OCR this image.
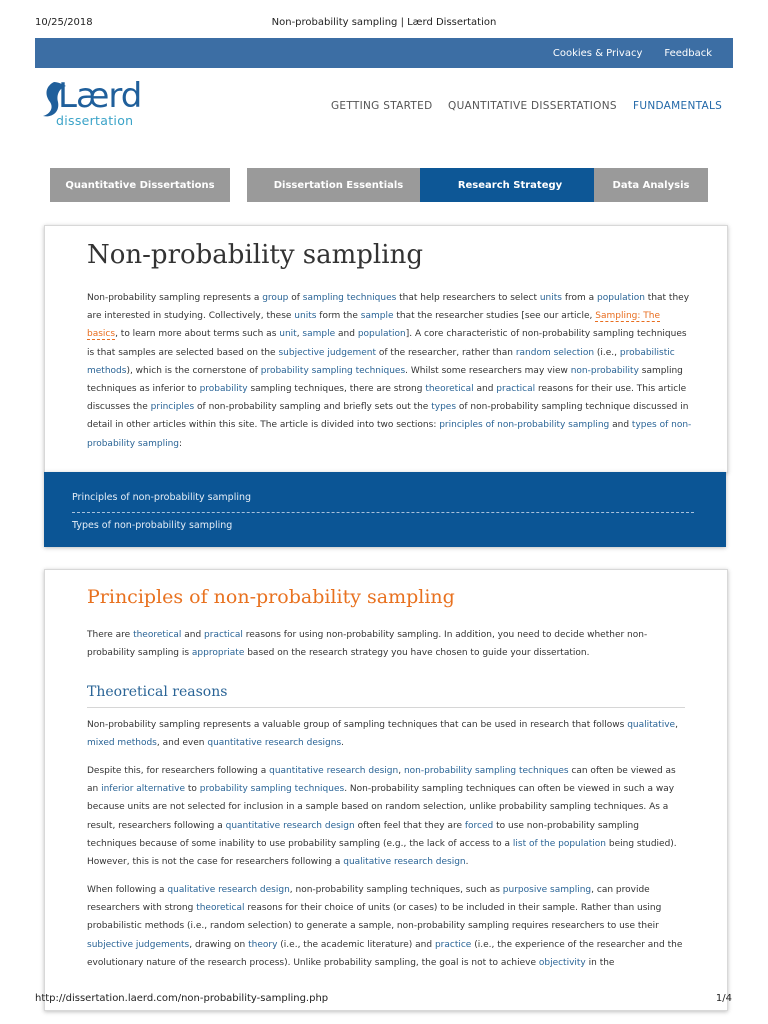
10/25/2018	Non-probability sampling | Lærd Dissertation
Cookies & Privacy Feedback
Lærd
dissertation
GETTING STARTED QUANTITATIVE DISSERTATIONS FUNDAMENTALS
Quantitative Dissertations	Dissertation Essentials	Research Strategy	Data Analysis
Non-probability sampling
Non-probability sampling represents a group of sampling techniques that help researchers to select units from a population that they are interested in studying. Collectively, these units form the sample that the researcher studies [see our article, Sampling: The basics, to learn more about terms such as unit, sample and population]. A core characteristic of non-probability sampling techniques is that samples are selected based on the subjective judgement of the researcher, rather than random selection (i.e., probabilistic methods), which is the cornerstone of probability sampling techniques. Whilst some researchers may view non-probability sampling techniques as inferior to probability sampling techniques, there are strong theoretical and practical reasons for their use. This article discusses the principles of non-probability sampling and briefly sets out the types of non-probability sampling technique discussed in detail in other articles within this site. The article is divided into two sections: principles of non-probability sampling and types of non-probability sampling:
Principles of non-probability sampling
Types of non-probability sampling
Principles of non-probability sampling
There are theoretical and practical reasons for using non-probability sampling. In addition, you need to decide whether non-probability sampling is appropriate based on the research strategy you have chosen to guide your dissertation.
Theoretical reasons
Non-probability sampling represents a valuable group of sampling techniques that can be used in research that follows qualitative, mixed methods, and even quantitative research designs.
Despite this, for researchers following a quantitative research design, non-probability sampling techniques can often be viewed as an inferior alternative to probability sampling techniques. Non-probability sampling techniques can often be viewed in such a way because units are not selected for inclusion in a sample based on random selection, unlike probability sampling techniques. As a result, researchers following a quantitative research design often feel that they are forced to use non-probability sampling techniques because of some inability to use probability sampling (e.g., the lack of access to a list of the population being studied). However, this is not the case for researchers following a qualitative research design.
When following a qualitative research design, non-probability sampling techniques, such as purposive sampling, can provide researchers with strong theoretical reasons for their choice of units (or cases) to be included in their sample. Rather than using probabilistic methods (i.e., random selection) to generate a sample, non-probability sampling requires researchers to use their subjective judgements, drawing on theory (i.e., the academic literature) and practice (i.e., the experience of the researcher and the evolutionary nature of the research process). Unlike probability sampling, the goal is not to achieve objectivity in the
http://dissertation.laerd.com/non-probability-sampling.php	1/4
